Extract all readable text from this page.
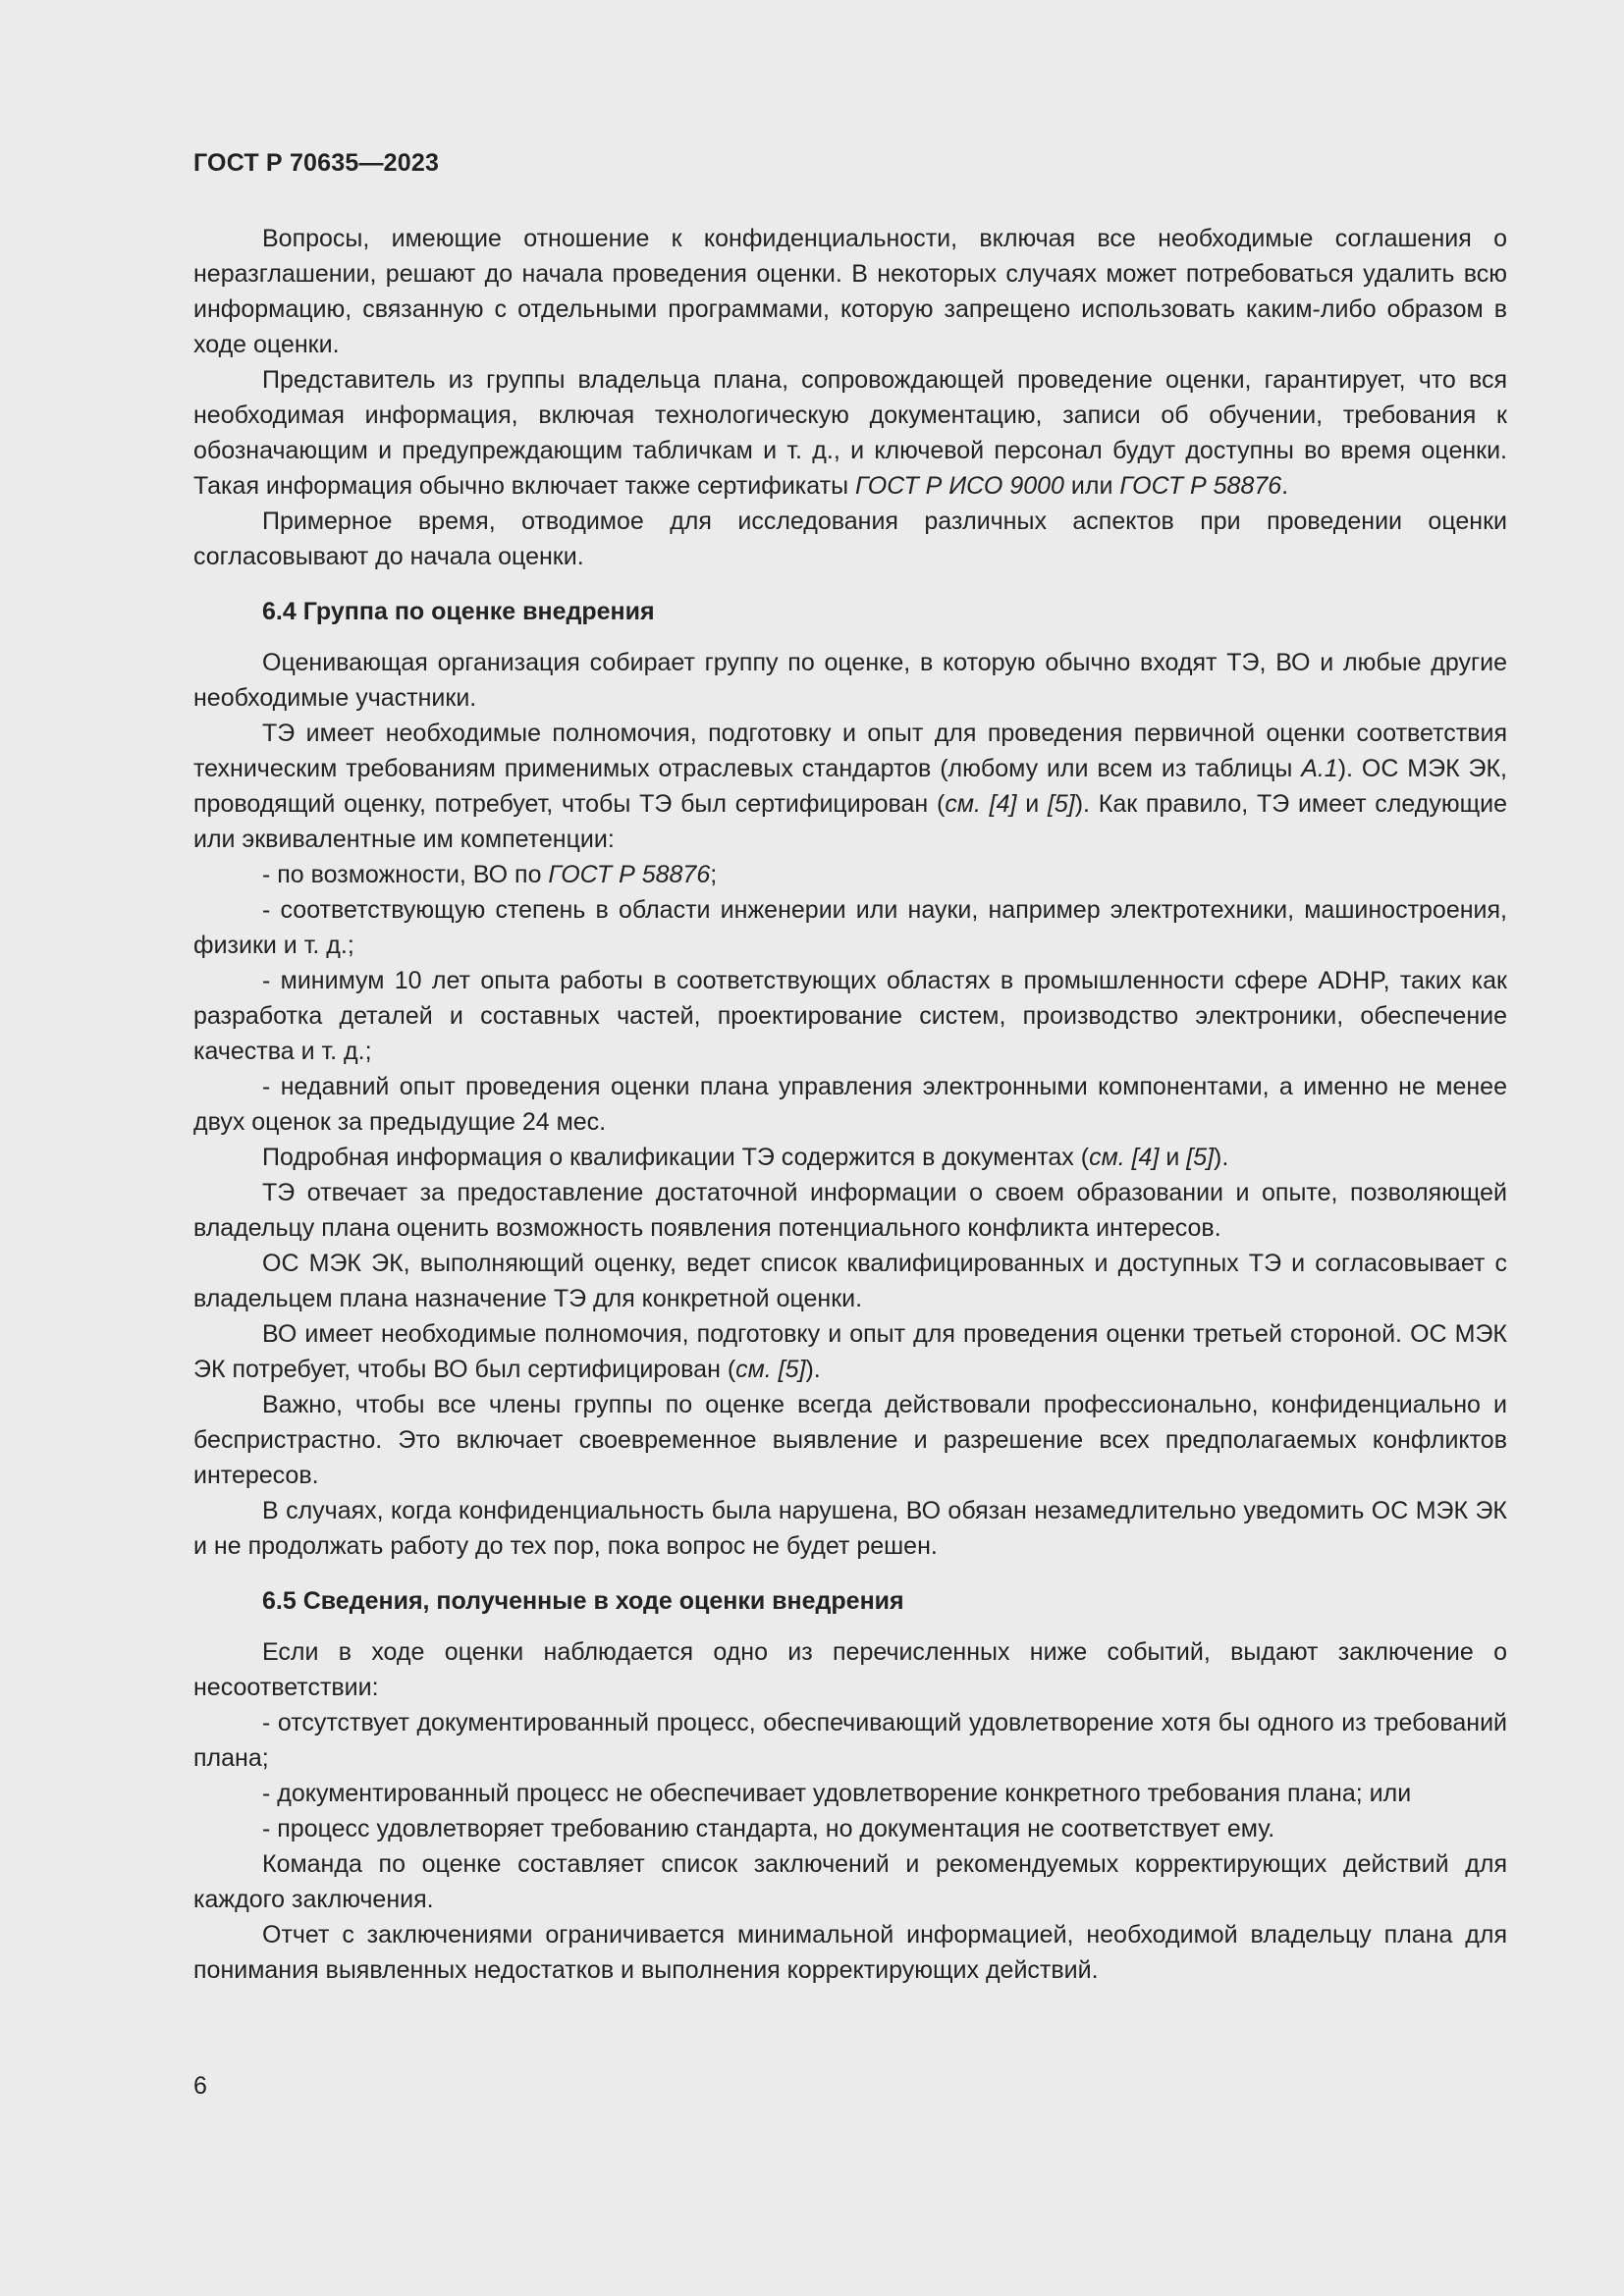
ГОСТ Р 70635—2023

Вопросы, имеющие отношение к конфиденциальности, включая все необходимые соглашения о неразглашении, решают до начала проведения оценки. В некоторых случаях может потребоваться удалить всю информацию, связанную с отдельными программами, которую запрещено использовать каким-либо образом в ходе оценки.

Представитель из группы владельца плана, сопровождающей проведение оценки, гарантирует, что вся необходимая информация, включая технологическую документацию, записи об обучении, требования к обозначающим и предупреждающим табличкам и т. д., и ключевой персонал будут доступны во время оценки. Такая информация обычно включает также сертификаты ГОСТ Р ИСО 9000 или ГОСТ Р 58876.

Примерное время, отводимое для исследования различных аспектов при проведении оценки согласовывают до начала оценки.

6.4 Группа по оценке внедрения

Оценивающая организация собирает группу по оценке, в которую обычно входят ТЭ, ВО и любые другие необходимые участники.

ТЭ имеет необходимые полномочия, подготовку и опыт для проведения первичной оценки соответствия техническим требованиям применимых отраслевых стандартов (любому или всем из таблицы А.1). ОС МЭК ЭК, проводящий оценку, потребует, чтобы ТЭ был сертифицирован (см. [4] и [5]). Как правило, ТЭ имеет следующие или эквивалентные им компетенции:

- по возможности, ВО по ГОСТ Р 58876;

- соответствующую степень в области инженерии или науки, например электротехники, машиностроения, физики и т. д.;

- минимум 10 лет опыта работы в соответствующих областях в промышленности сфере ADHP, таких как разработка деталей и составных частей, проектирование систем, производство электроники, обеспечение качества и т. д.;

- недавний опыт проведения оценки плана управления электронными компонентами, а именно не менее двух оценок за предыдущие 24 мес.

Подробная информация о квалификации ТЭ содержится в документах (см. [4] и [5]).

ТЭ отвечает за предоставление достаточной информации о своем образовании и опыте, позволяющей владельцу плана оценить возможность появления потенциального конфликта интересов.

ОС МЭК ЭК, выполняющий оценку, ведет список квалифицированных и доступных ТЭ и согласовывает с владельцем плана назначение ТЭ для конкретной оценки.

ВО имеет необходимые полномочия, подготовку и опыт для проведения оценки третьей стороной. ОС МЭК ЭК потребует, чтобы ВО был сертифицирован (см. [5]).

Важно, чтобы все члены группы по оценке всегда действовали профессионально, конфиденциально и беспристрастно. Это включает своевременное выявление и разрешение всех предполагаемых конфликтов интересов.

В случаях, когда конфиденциальность была нарушена, ВО обязан незамедлительно уведомить ОС МЭК ЭК и не продолжать работу до тех пор, пока вопрос не будет решен.

6.5 Сведения, полученные в ходе оценки внедрения

Если в ходе оценки наблюдается одно из перечисленных ниже событий, выдают заключение о несоответствии:

- отсутствует документированный процесс, обеспечивающий удовлетворение хотя бы одного из требований плана;

- документированный процесс не обеспечивает удовлетворение конкретного требования плана; или

- процесс удовлетворяет требованию стандарта, но документация не соответствует ему.

Команда по оценке составляет список заключений и рекомендуемых корректирующих действий для каждого заключения.

Отчет с заключениями ограничивается минимальной информацией, необходимой владельцу плана для понимания выявленных недостатков и выполнения корректирующих действий.

6
